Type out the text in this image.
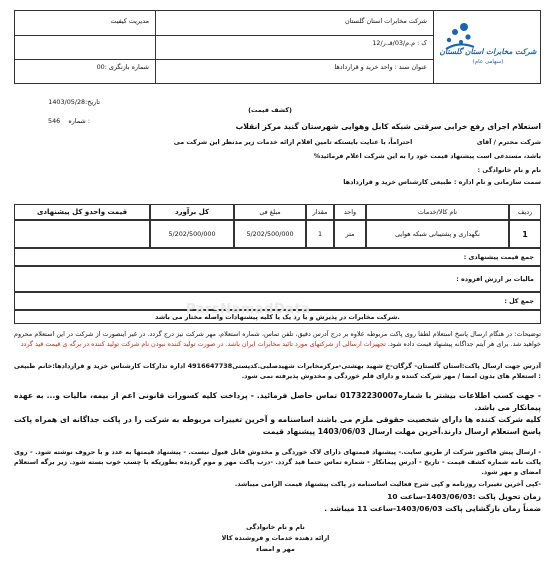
شرکت مخابرات استان گلستان
(سهامی عام)
شرکت مخابرات استان گلستان
مدیریت کیفیت
ک : م.م/03/قـ.ر/12
عنوان سند : واحد خرید و قراردادها
شماره بازنگری :00
تاریخ:1403/05/28
546 شماره :
(کشف قیمت)
استعلام اجرای رفع خرابی سرقتی شبکه کابل وهوایی شهرستان گنبد مرکز انقلاب
شرکت محترم / آقای  احتراماً، با عنایت بایستکه تامین اقلام ارائه خدمات زیر مدنظر این شرکت می
باشد، مستدعی است پیشنهاد قیمت خود را به این شرکت اعلام فرمائید%
نام و نام خانوادگی :
سمت سازمانی و نام اداره : طبیعی کارشناس خرید و قراردادها
ردیف
نام کالا/خدمات
واحد
مقدار
مبلغ فی
کل برآورد
قیمت واحدو کل پیشنهادی
1
نگهداری و پشتیبانی شبکه هوایی
متر
1
5/202/500/000
5/202/500/000
جمع قیمت پیشنهادی :
مالیات بر ارزش افزوده :
جمع کل :
شرکت مخابرات در پذیرش و یا رد یک یا کلیه پیشنهادات واصله مختار می باشد.
ParsNamadData
توضیحات: در هنگام ارسال پاسخ استعلام لطفا روی پاکت مربوطه علاوه بر درج آدرس دقیق، تلفن تماس، شماره استعلام، مهر شرکت نیز درج گردد. در غیر اینصورت از شرکت در این استعلام محروم خواهید شد. برای هر آیتم جداگانه پیشنهاد قیمت داده شود. تجهیزات ارسالی از شرکتهای مورد تائید مخابرات ایران باشد. در صورت تولید کننده نبودن نام شرکت تولید کننده در برگه ی قیمت قید گردد
آدرس جهت ارسال پاکت:استان گلستان- گرگان-خ شهید بهشتی-مرکزمخابرات شهیدصلبی.کدپستی4916647738 اداره تدارکات کارشناس خرید و قراردادها:خانم طبیعی : استعلام های بدون امضا / مهر شرکت کننده و دارای قلم خوردگی و مخدوش پذیرفته نمی شود.
- جهت کسب اطلاعات بیشتر با شماره01732230007 تماس حاصل فرمائید. - پرداخت کلیه کسورات قانونی اعم از بیمه، مالیات و... به عهده پیمانکار می باشد.
کلیه شرکت کننده ها دارای شخصیت حقوقی ملزم می باشند اساسنامه و آخرین تغییرات مربوطه به شرکت را در پاکت جداگانه ای همراه پاکت پاسخ استعلام ارسال دارند.آخرین مهلت ارسال 1403/06/03 پیشنهاد قیمت
- ارسال پیش فاکتور شرکت از طریق سایت.- پیشنهاد قیمتهای دارای لاک خوردگی و مخدوش قابل قبول نیست. - پیشنهاد قیمتها به عدد و با حروف نوشته شود. - روی پاکت نامه شماره کشف قیمت - تاریخ - آدرس پیمانکار - شماره تماس حتما قید گردد. -درب پاکت مهر و موم گردیده بطوریکه با چسب خوب بسته شود. زیر برگه استعلام امضای و مهر شود.
-کپی آخرین تغییرات روزنامه و کپی شرح فعالیت اساسنامه در پاکت پیشنهاد قیمت الزامی میباشد.
زمان تحویل پاکت :1403/06/03-ساعت 10
ضمناً زمان بازگشایی پاکت 1403/06/03-ساعت 11 میباشد .
نام و نام خانوادگی
ارائه دهنده خدمات و فروشنده کالا
مهر و امضاء
